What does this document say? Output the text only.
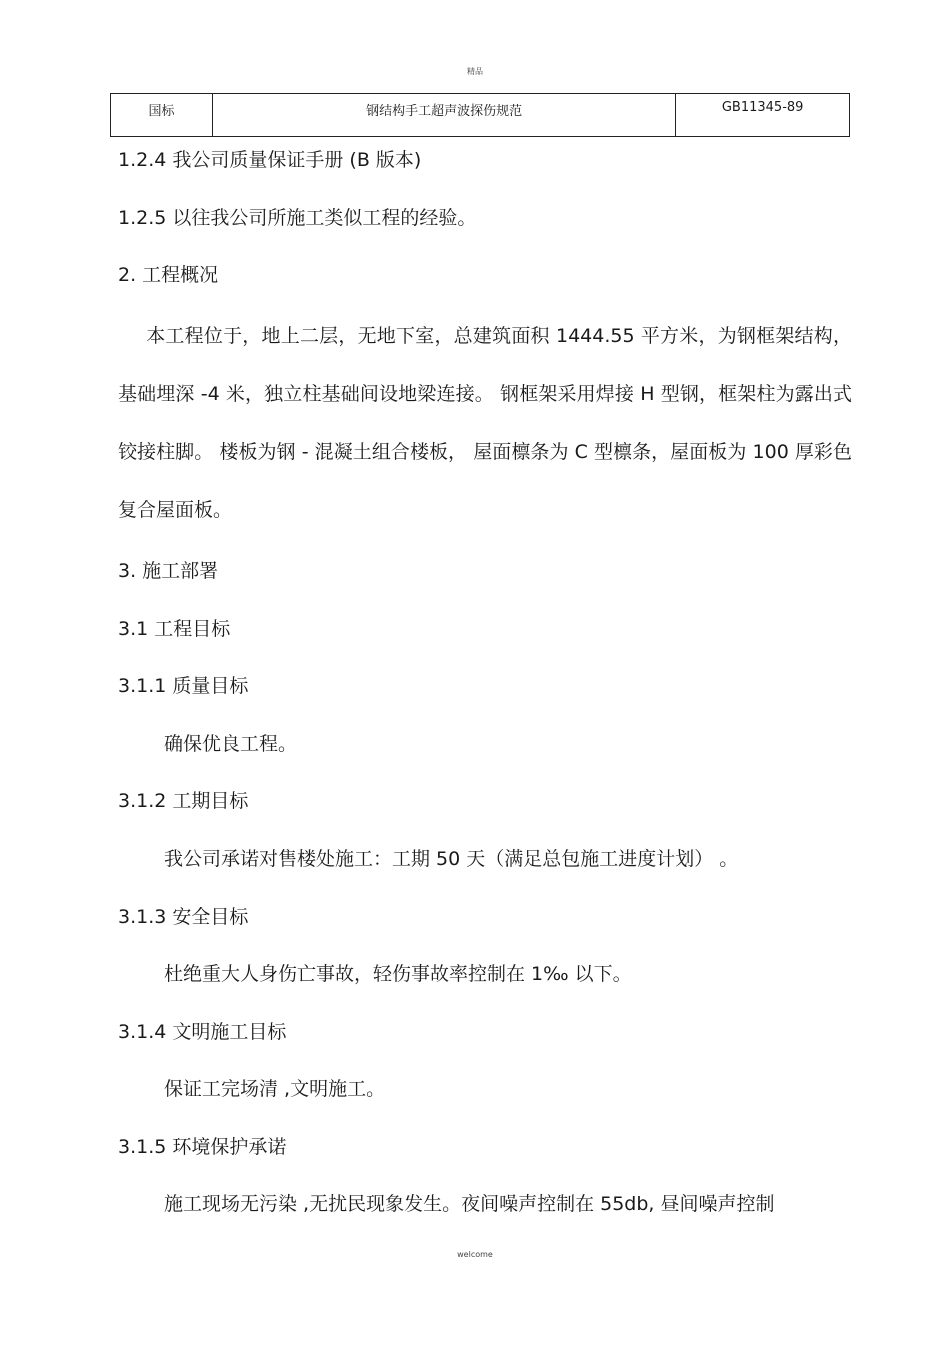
精品
国标	钢结构手工超声波探伤规范	GB11345-89
1.2.4 我公司质量保证手册 (B 版本)
1.2.5 以往我公司所施工类似工程的经验。
2. 工程概况
本工程位于，地上二层，无地下室，总建筑面积 1444.55 平方米，为钢框架结构，基础埋深 -4 米，独立柱基础间设地梁连接。 钢框架采用焊接 H 型钢，框架柱为露出式铰接柱脚。 楼板为钢 - 混凝土组合楼板， 屋面檩条为 C 型檩条，屋面板为 100 厚彩色复合屋面板。
3. 施工部署
3.1 工程目标
3.1.1 质量目标
确保优良工程。
3.1.2 工期目标
我公司承诺对售楼处施工：工期 50 天（满足总包施工进度计划） 。
3.1.3 安全目标
杜绝重大人身伤亡事故，轻伤事故率控制在 1‰ 以下。
3.1.4 文明施工目标
保证工完场清 ,文明施工。
3.1.5 环境保护承诺
施工现场无污染 ,无扰民现象发生。夜间噪声控制在 55db, 昼间噪声控制
welcome
